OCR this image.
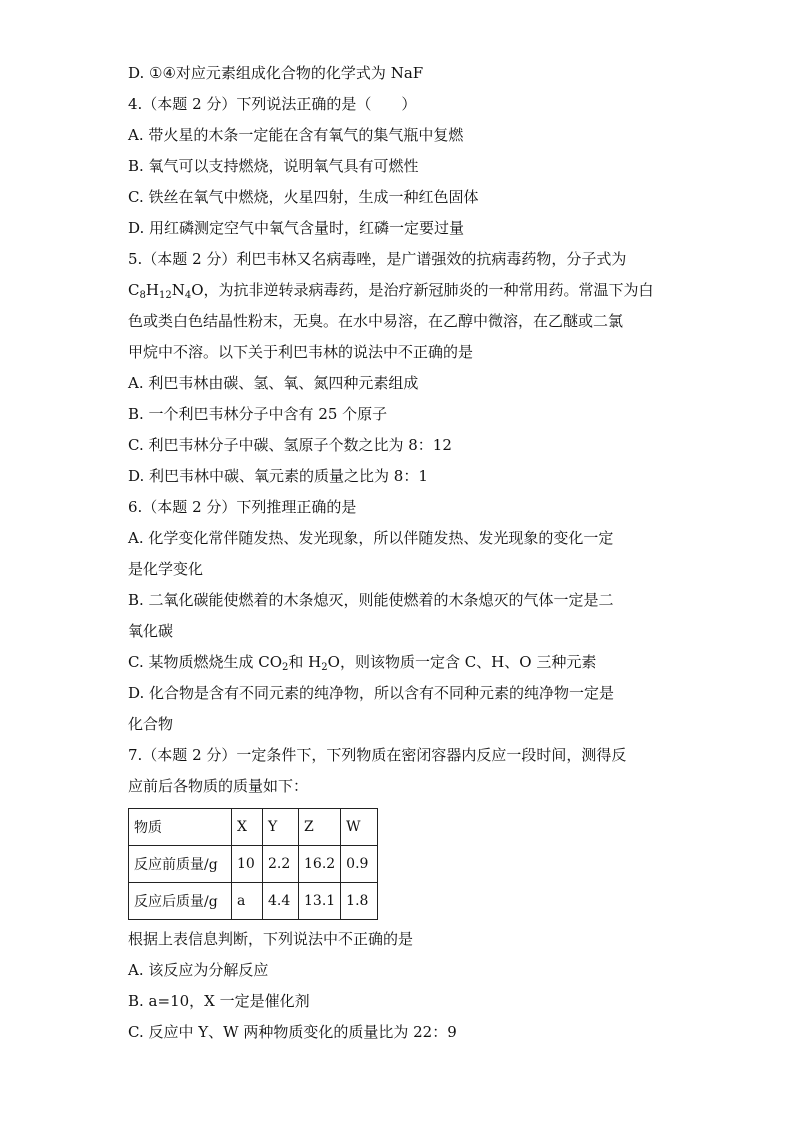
D. ①④对应元素组成化合物的化学式为 NaF
4.（本题 2 分）下列说法正确的是（　　）
A. 带火星的木条一定能在含有氧气的集气瓶中复燃
B. 氧气可以支持燃烧，说明氧气具有可燃性
C. 铁丝在氧气中燃烧，火星四射，生成一种红色固体
D. 用红磷测定空气中氧气含量时，红磷一定要过量
5.（本题 2 分）利巴韦林又名病毒唑，是广谱强效的抗病毒药物，分子式为
$C_8H_{12}N_4O$，为抗非逆转录病毒药，是治疗新冠肺炎的一种常用药。常温下为白
色或类白色结晶性粉末，无臭。在水中易溶，在乙醇中微溶，在乙醚或二氯
甲烷中不溶。以下关于利巴韦林的说法中不正确的是
A. 利巴韦林由碳、氢、氧、氮四种元素组成
B. 一个利巴韦林分子中含有 25 个原子
C. 利巴韦林分子中碳、氢原子个数之比为 8：12
D. 利巴韦林中碳、氧元素的质量之比为 8：1
6.（本题 2 分）下列推理正确的是
A. 化学变化常伴随发热、发光现象，所以伴随发热、发光现象的变化一定
是化学变化
B. 二氧化碳能使燃着的木条熄灭，则能使燃着的木条熄灭的气体一定是二
氧化碳
C. 某物质燃烧生成 $CO_2$和 $H_2O$，则该物质一定含 C、H、O 三种元素
D. 化合物是含有不同元素的纯净物，所以含有不同种元素的纯净物一定是
化合物
7.（本题 2 分）一定条件下，下列物质在密闭容器内反应一段时间，测得反
应前后各物质的质量如下：
物质	X	Y	Z	W
反应前质量/g	10	2.2	16.2	0.9
反应后质量/g	a	4.4	13.1	1.8
根据上表信息判断，下列说法中不正确的是
A. 该反应为分解反应
B. a=10，X 一定是催化剂
C. 反应中 Y、W 两种物质变化的质量比为 22：9
